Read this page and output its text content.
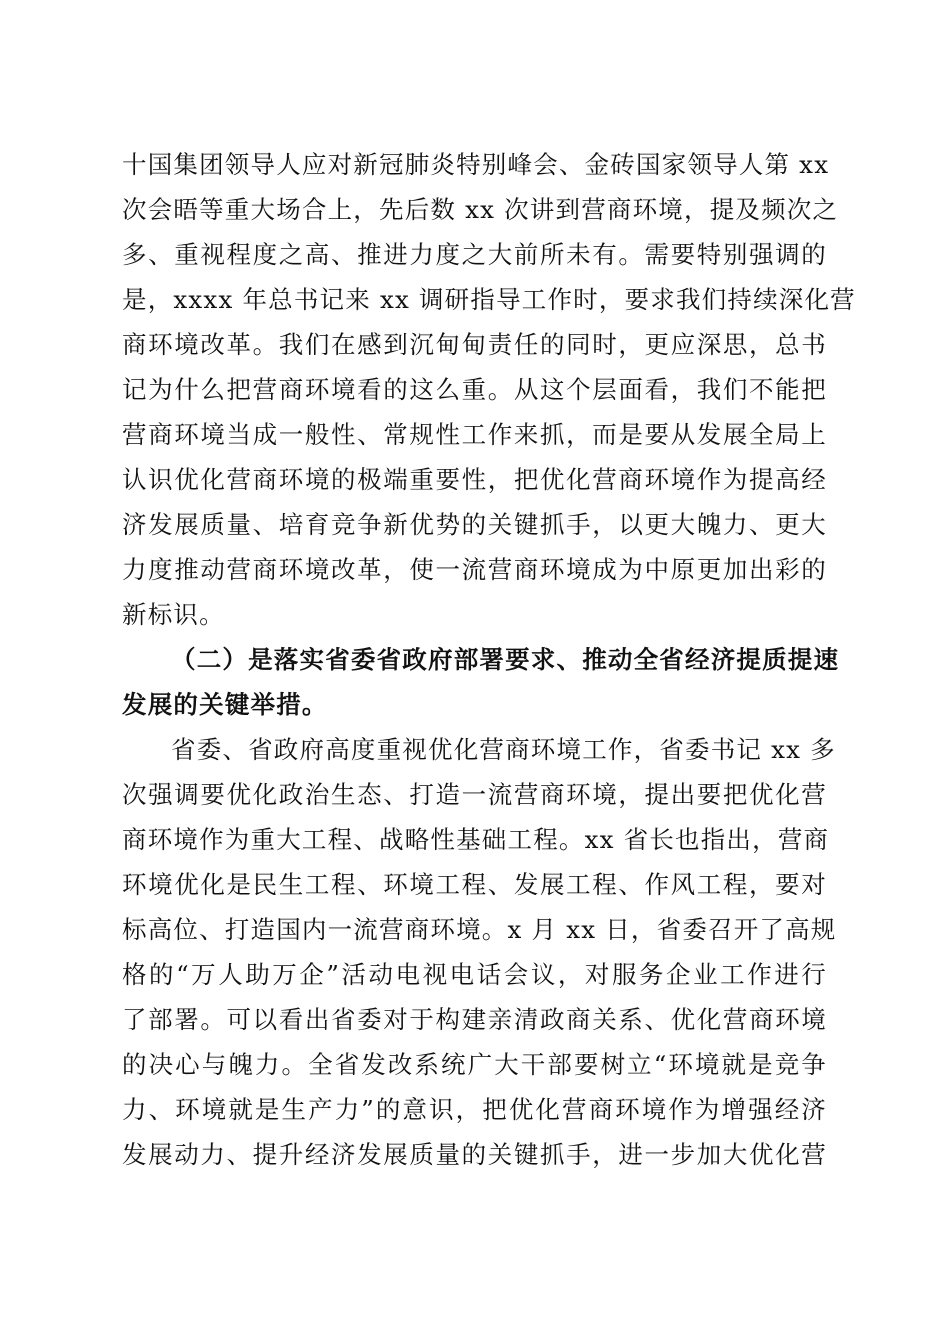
十国集团领导人应对新冠肺炎特别峰会、金砖国家领导人第 xx
次会晤等重大场合上，先后数 xx 次讲到营商环境，提及频次之
多、重视程度之高、推进力度之大前所未有。需要特别强调的
是，xxxx 年总书记来 xx 调研指导工作时，要求我们持续深化营
商环境改革。我们在感到沉甸甸责任的同时，更应深思，总书
记为什么把营商环境看的这么重。从这个层面看，我们不能把
营商环境当成一般性、常规性工作来抓，而是要从发展全局上
认识优化营商环境的极端重要性，把优化营商环境作为提高经
济发展质量、培育竞争新优势的关键抓手，以更大魄力、更大
力度推动营商环境改革，使一流营商环境成为中原更加出彩的
新标识。
（二）是落实省委省政府部署要求、推动全省经济提质提速
发展的关键举措。
省委、省政府高度重视优化营商环境工作，省委书记 xx 多
次强调要优化政治生态、打造一流营商环境，提出要把优化营
商环境作为重大工程、战略性基础工程。xx 省长也指出，营商
环境优化是民生工程、环境工程、发展工程、作风工程，要对
标高位、打造国内一流营商环境。x 月 xx 日，省委召开了高规
格的“万人助万企”活动电视电话会议，对服务企业工作进行
了部署。可以看出省委对于构建亲清政商关系、优化营商环境
的决心与魄力。全省发改系统广大干部要树立“环境就是竞争
力、环境就是生产力”的意识，把优化营商环境作为增强经济
发展动力、提升经济发展质量的关键抓手，进一步加大优化营
